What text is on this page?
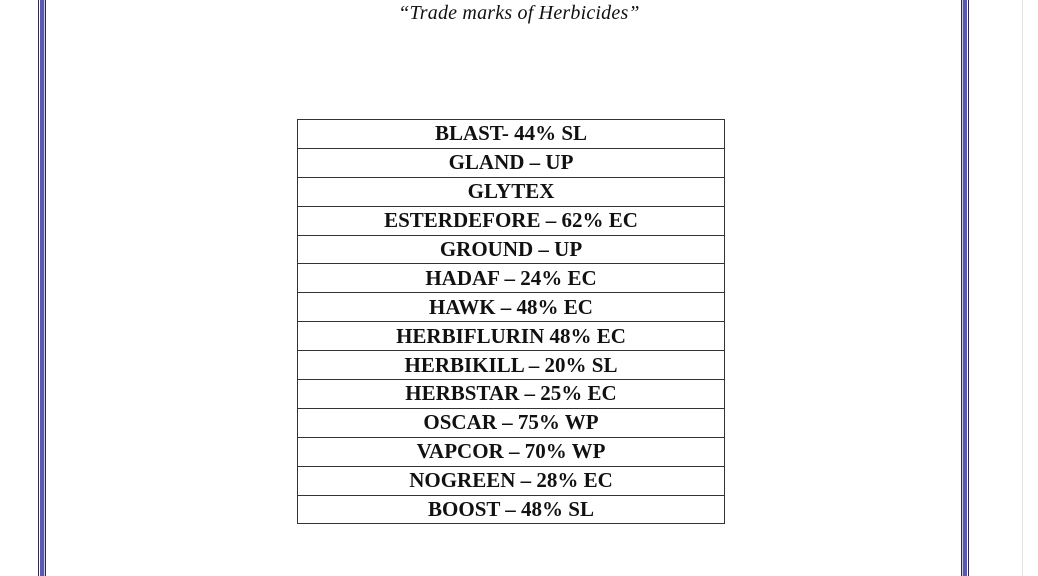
“Trade marks of Herbicides”
BLAST- 44% SL
GLAND – UP
GLYTEX
ESTERDEFORE – 62% EC
GROUND – UP
HADAF – 24% EC
HAWK – 48% EC
HERBIFLURIN 48% EC
HERBIKILL – 20% SL
HERBSTAR – 25% EC
OSCAR – 75% WP
VAPCOR – 70% WP
NOGREEN – 28% EC
BOOST – 48% SL
